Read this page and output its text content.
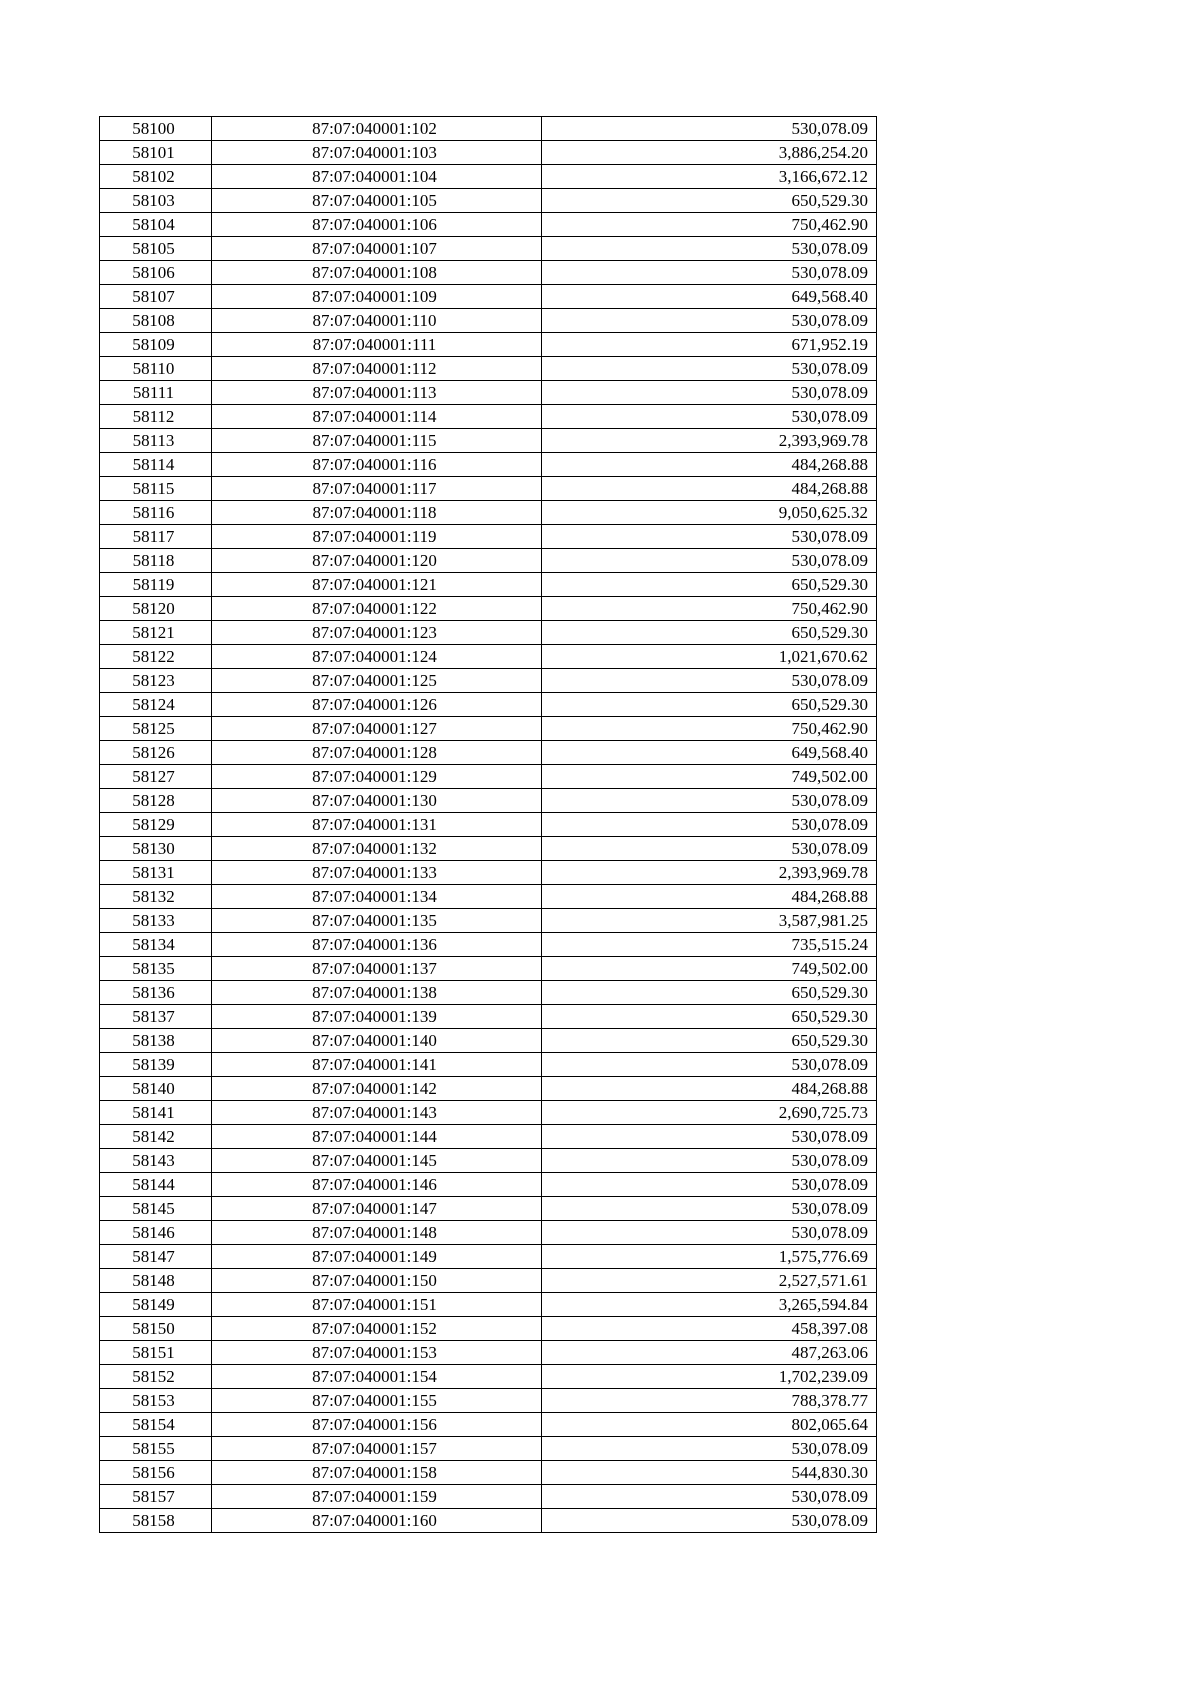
58100	87:07:040001:102	530,078.09
58101	87:07:040001:103	3,886,254.20
58102	87:07:040001:104	3,166,672.12
58103	87:07:040001:105	650,529.30
58104	87:07:040001:106	750,462.90
58105	87:07:040001:107	530,078.09
58106	87:07:040001:108	530,078.09
58107	87:07:040001:109	649,568.40
58108	87:07:040001:110	530,078.09
58109	87:07:040001:111	671,952.19
58110	87:07:040001:112	530,078.09
58111	87:07:040001:113	530,078.09
58112	87:07:040001:114	530,078.09
58113	87:07:040001:115	2,393,969.78
58114	87:07:040001:116	484,268.88
58115	87:07:040001:117	484,268.88
58116	87:07:040001:118	9,050,625.32
58117	87:07:040001:119	530,078.09
58118	87:07:040001:120	530,078.09
58119	87:07:040001:121	650,529.30
58120	87:07:040001:122	750,462.90
58121	87:07:040001:123	650,529.30
58122	87:07:040001:124	1,021,670.62
58123	87:07:040001:125	530,078.09
58124	87:07:040001:126	650,529.30
58125	87:07:040001:127	750,462.90
58126	87:07:040001:128	649,568.40
58127	87:07:040001:129	749,502.00
58128	87:07:040001:130	530,078.09
58129	87:07:040001:131	530,078.09
58130	87:07:040001:132	530,078.09
58131	87:07:040001:133	2,393,969.78
58132	87:07:040001:134	484,268.88
58133	87:07:040001:135	3,587,981.25
58134	87:07:040001:136	735,515.24
58135	87:07:040001:137	749,502.00
58136	87:07:040001:138	650,529.30
58137	87:07:040001:139	650,529.30
58138	87:07:040001:140	650,529.30
58139	87:07:040001:141	530,078.09
58140	87:07:040001:142	484,268.88
58141	87:07:040001:143	2,690,725.73
58142	87:07:040001:144	530,078.09
58143	87:07:040001:145	530,078.09
58144	87:07:040001:146	530,078.09
58145	87:07:040001:147	530,078.09
58146	87:07:040001:148	530,078.09
58147	87:07:040001:149	1,575,776.69
58148	87:07:040001:150	2,527,571.61
58149	87:07:040001:151	3,265,594.84
58150	87:07:040001:152	458,397.08
58151	87:07:040001:153	487,263.06
58152	87:07:040001:154	1,702,239.09
58153	87:07:040001:155	788,378.77
58154	87:07:040001:156	802,065.64
58155	87:07:040001:157	530,078.09
58156	87:07:040001:158	544,830.30
58157	87:07:040001:159	530,078.09
58158	87:07:040001:160	530,078.09
